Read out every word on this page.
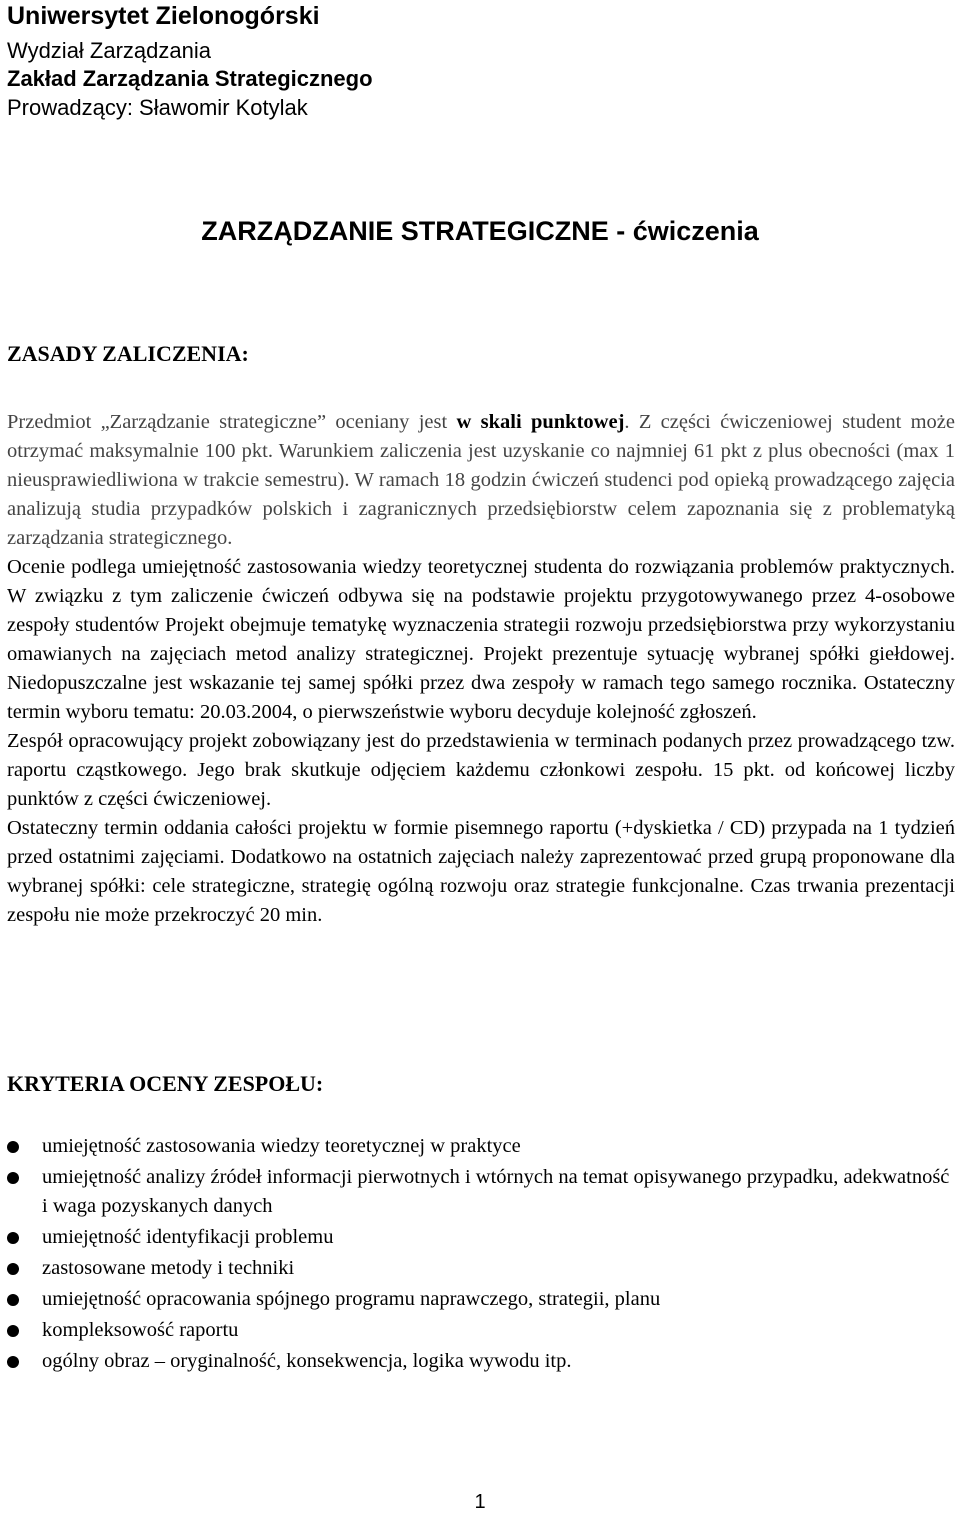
Uniwersytet Zielonogórski
Wydział Zarządzania
Zakład Zarządzania Strategicznego
Prowadzący: Sławomir Kotylak
ZARZĄDZANIE STRATEGICZNE - ćwiczenia
ZASADY ZALICZENIA:

Przedmiot „Zarządzanie strategiczne” oceniany jest w skali punktowej. Z części ćwiczeniowej student może otrzymać maksymalnie 100 pkt. Warunkiem zaliczenia jest uzyskanie co najmniej 61 pkt z plus obecności (max 1 nieusprawiedliwiona w trakcie semestru). W ramach 18 godzin ćwiczeń studenci pod opieką prowadzącego zajęcia analizują studia przypadków polskich i zagranicznych przedsiębiorstw celem zapoznania się z problematyką zarządzania strategicznego.

Ocenie podlega umiejętność zastosowania wiedzy teoretycznej studenta do rozwiązania problemów praktycznych. W związku z tym zaliczenie ćwiczeń odbywa się na podstawie projektu przygotowywanego przez 4-osobowe zespoły studentów Projekt obejmuje tematykę wyznaczenia strategii rozwoju przedsiębiorstwa przy wykorzystaniu omawianych na zajęciach metod analizy strategicznej. Projekt prezentuje sytuację wybranej spółki giełdowej. Niedopuszczalne jest wskazanie tej samej spółki przez dwa zespoły w ramach tego samego rocznika. Ostateczny termin wyboru tematu: 20.03.2004, o pierwszeństwie wyboru decyduje kolejność zgłoszeń.

Zespół opracowujący projekt zobowiązany jest do przedstawienia w terminach podanych przez prowadzącego tzw. raportu cząstkowego. Jego brak skutkuje odjęciem każdemu członkowi zespołu. 15 pkt. od końcowej liczby punktów z części ćwiczeniowej.

Ostateczny termin oddania całości projektu w formie pisemnego raportu (+dyskietka / CD) przypada na 1 tydzień przed ostatnimi zajęciami. Dodatkowo na ostatnich zajęciach należy zaprezentować przed grupą proponowane dla wybranej spółki: cele strategiczne, strategię ogólną rozwoju oraz strategie funkcjonalne. Czas trwania prezentacji zespołu nie może przekroczyć 20 min.

KRYTERIA OCENY ZESPOŁU:
umiejętność zastosowania wiedzy teoretycznej w praktyce
umiejętność analizy źródeł informacji pierwotnych i wtórnych na temat opisywanego przypadku, adekwatność i waga pozyskanych danych
umiejętność identyfikacji problemu
zastosowane metody i techniki
umiejętność opracowania spójnego programu naprawczego, strategii, planu
kompleksowość raportu
ogólny obraz – oryginalność, konsekwencja, logika wywodu itp.
1
